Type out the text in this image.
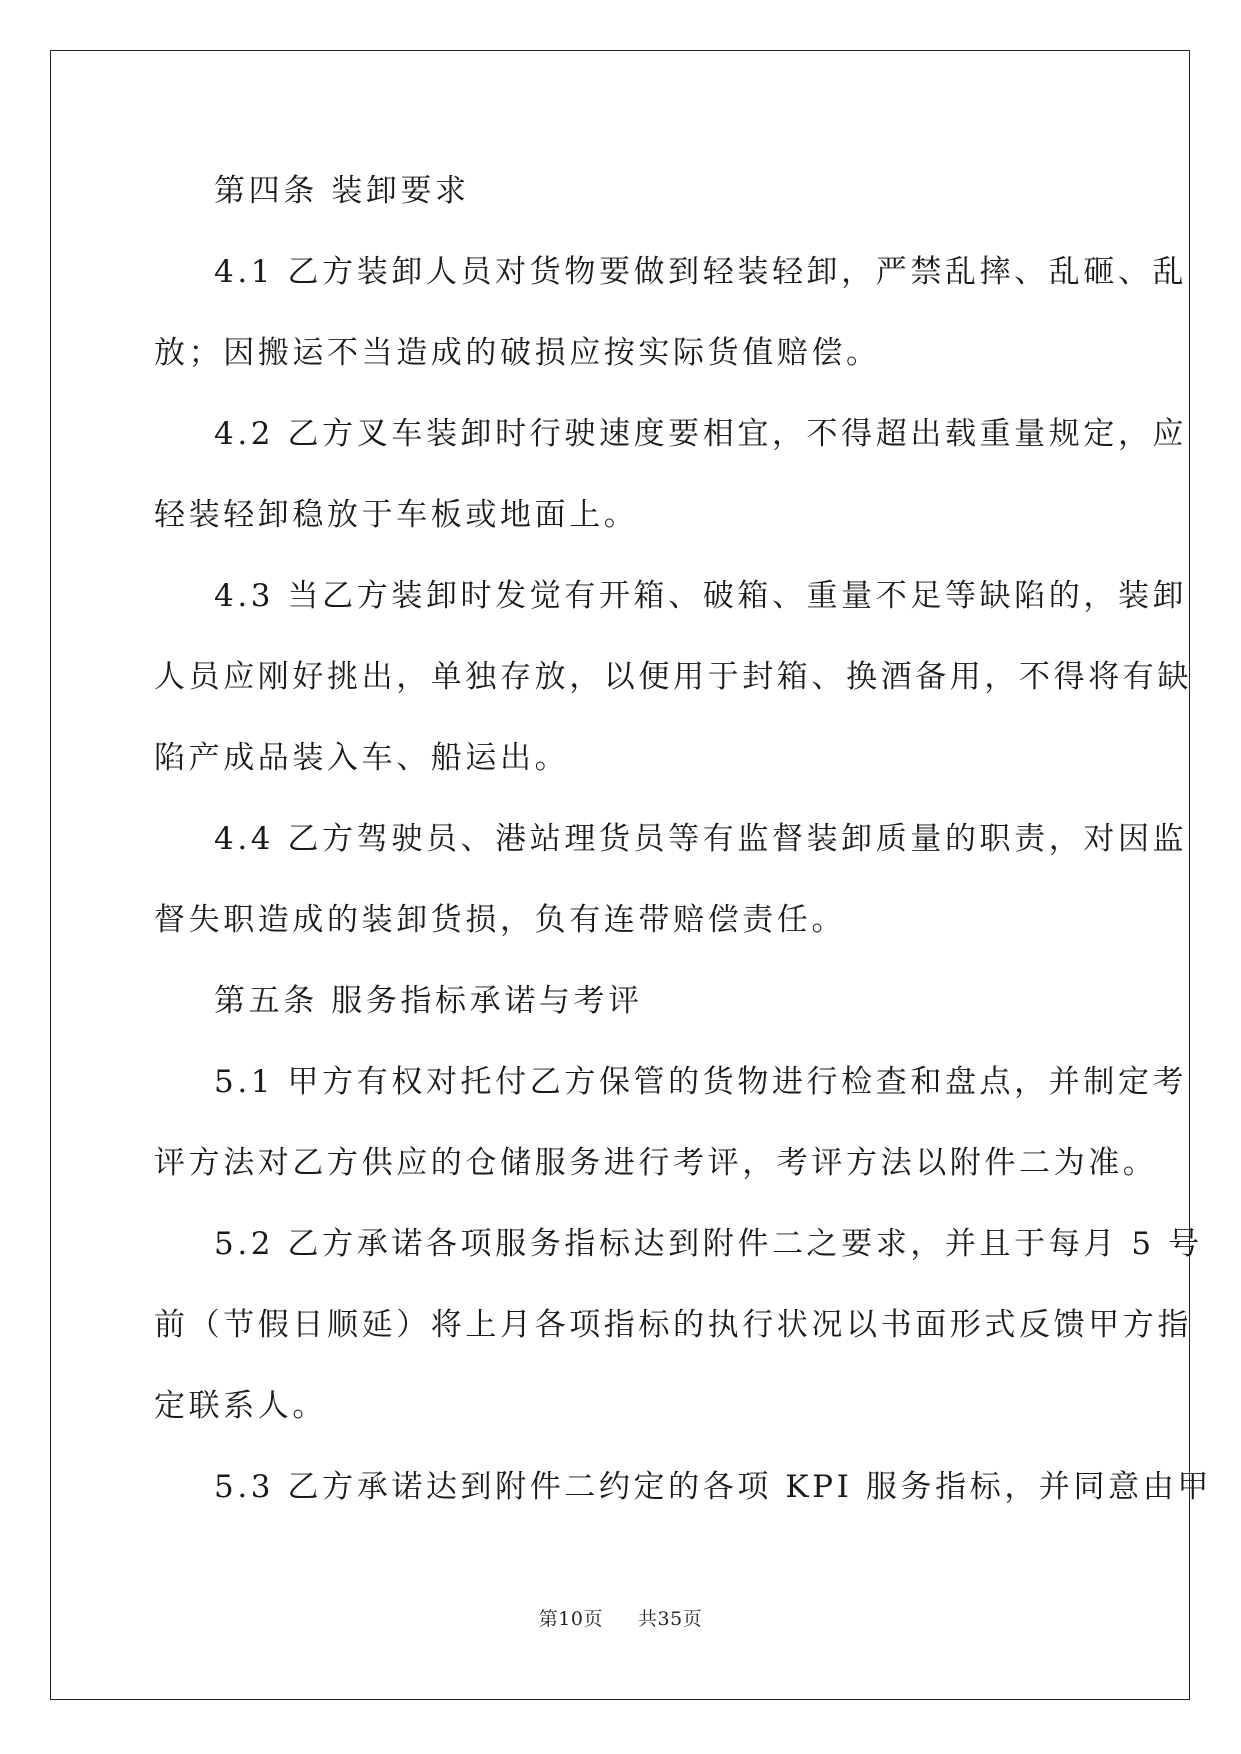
第四条 装卸要求
4.1 乙方装卸人员对货物要做到轻装轻卸，严禁乱摔、乱砸、乱
放；因搬运不当造成的破损应按实际货值赔偿。
4.2 乙方叉车装卸时行驶速度要相宜，不得超出载重量规定，应
轻装轻卸稳放于车板或地面上。
4.3 当乙方装卸时发觉有开箱、破箱、重量不足等缺陷的，装卸
人员应刚好挑出，单独存放，以便用于封箱、换酒备用，不得将有缺
陷产成品装入车、船运出。
4.4 乙方驾驶员、港站理货员等有监督装卸质量的职责，对因监
督失职造成的装卸货损，负有连带赔偿责任。
第五条 服务指标承诺与考评
5.1 甲方有权对托付乙方保管的货物进行检查和盘点，并制定考
评方法对乙方供应的仓储服务进行考评，考评方法以附件二为准。
5.2 乙方承诺各项服务指标达到附件二之要求，并且于每月 5 号
前（节假日顺延）将上月各项指标的执行状况以书面形式反馈甲方指
定联系人。
5.3 乙方承诺达到附件二约定的各项 KPI 服务指标，并同意由甲
第10页 共35页
